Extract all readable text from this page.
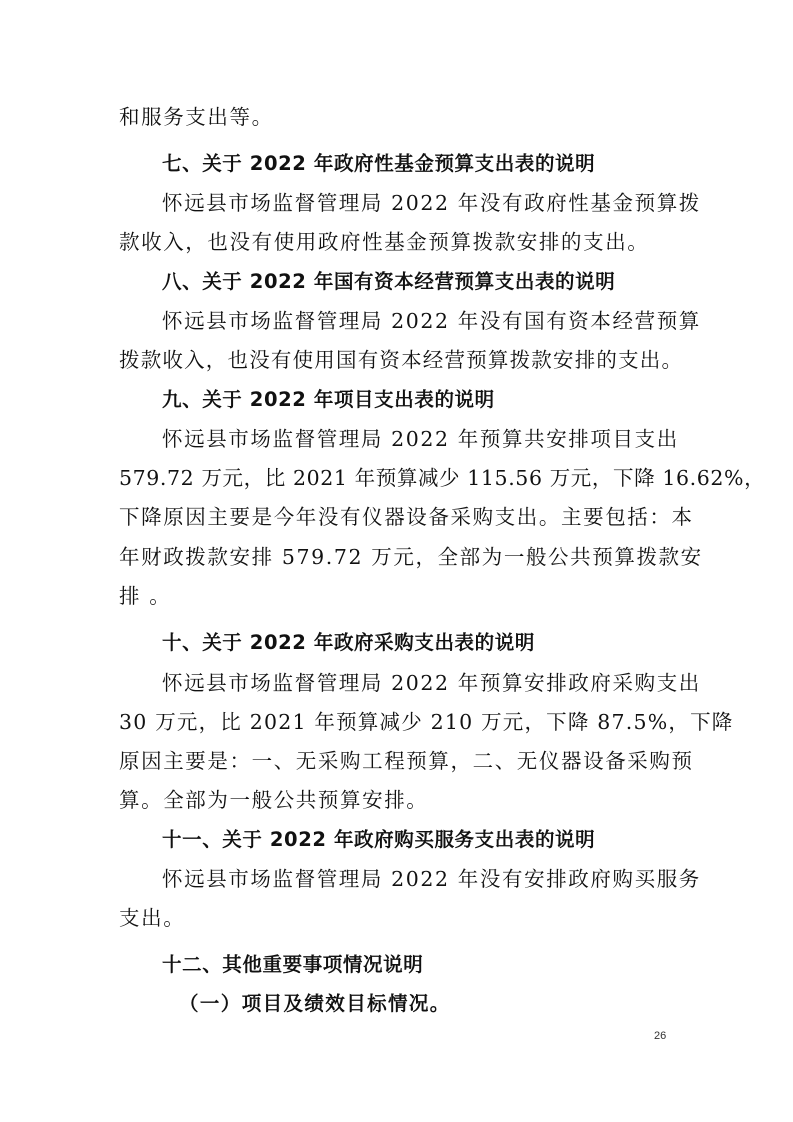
和服务支出等。
七、关于 2022 年政府性基金预算支出表的说明
怀远县市场监督管理局 2022 年没有政府性基金预算拨
款收入，也没有使用政府性基金预算拨款安排的支出。
八、关于 2022 年国有资本经营预算支出表的说明
怀远县市场监督管理局 2022 年没有国有资本经营预算
拨款收入，也没有使用国有资本经营预算拨款安排的支出。
九、关于 2022 年项目支出表的说明
怀远县市场监督管理局 2022 年预算共安排项目支出
579.72 万元，比 2021 年预算减少 115.56 万元，下降 16.62%，
下降原因主要是今年没有仪器设备采购支出。主要包括：本
年财政拨款安排 579.72 万元，全部为一般公共预算拨款安
排 。
十、关于 2022 年政府采购支出表的说明
怀远县市场监督管理局 2022 年预算安排政府采购支出
30 万元，比 2021 年预算减少 210 万元，下降 87.5%，下降
原因主要是：一、无采购工程预算，二、无仪器设备采购预
算。全部为一般公共预算安排。
十一、关于 2022 年政府购买服务支出表的说明
怀远县市场监督管理局 2022 年没有安排政府购买服务
支出。
十二、其他重要事项情况说明
（一）项目及绩效目标情况。
26
